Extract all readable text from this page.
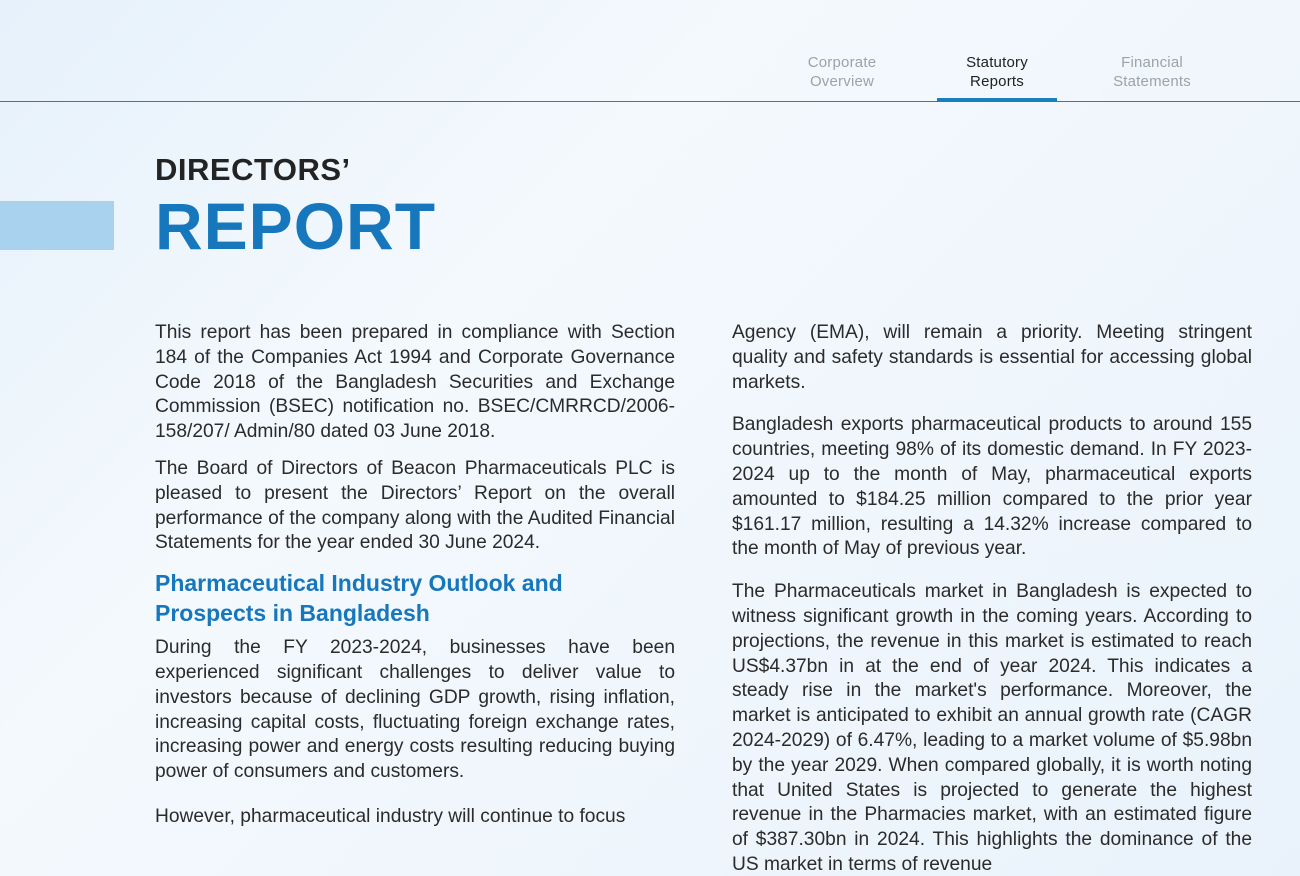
Corporate
Overview
Statutory
Reports
Financial
Statements
DIRECTORS’
REPORT

This report has been prepared in compliance with Section 184 of the Companies Act 1994 and Corporate Governance Code 2018 of the Bangladesh Securities and Exchange Commission (BSEC) notification no. BSEC/CMRRCD/2006-158/207/ Admin/80 dated 03 June 2018.

The Board of Directors of Beacon Pharmaceuticals PLC is pleased to present the Directors’ Report on the overall performance of the company along with the Audited Financial Statements for the year ended 30 June 2024.

Pharmaceutical Industry Outlook and Prospects in Bangladesh

During the FY 2023-2024, businesses have been experienced significant challenges to deliver value to investors because of declining GDP growth, rising inflation, increasing capital costs, fluctuating foreign exchange rates, increasing power and energy costs resulting reducing buying power of consumers and customers.

However, pharmaceutical industry will continue to focus

Agency (EMA), will remain a priority. Meeting stringent quality and safety standards is essential for accessing global markets.

Bangladesh exports pharmaceutical products to around 155 countries, meeting 98% of its domestic demand. In FY 2023-2024 up to the month of May, pharmaceutical exports amounted to $184.25 million compared to the prior year $161.17 million, resulting a 14.32% increase compared to the month of May of previous year.

The Pharmaceuticals market in Bangladesh is expected to witness significant growth in the coming years. According to projections, the revenue in this market is estimated to reach US$4.37bn in at the end of year 2024. This indicates a steady rise in the market's performance. Moreover, the market is anticipated to exhibit an annual growth rate (CAGR 2024-2029) of 6.47%, leading to a market volume of $5.98bn by the year 2029. When compared globally, it is worth noting that United States is projected to generate the highest revenue in the Pharmacies market, with an estimated figure of $387.30bn in 2024. This highlights the dominance of the US market in terms of revenue
